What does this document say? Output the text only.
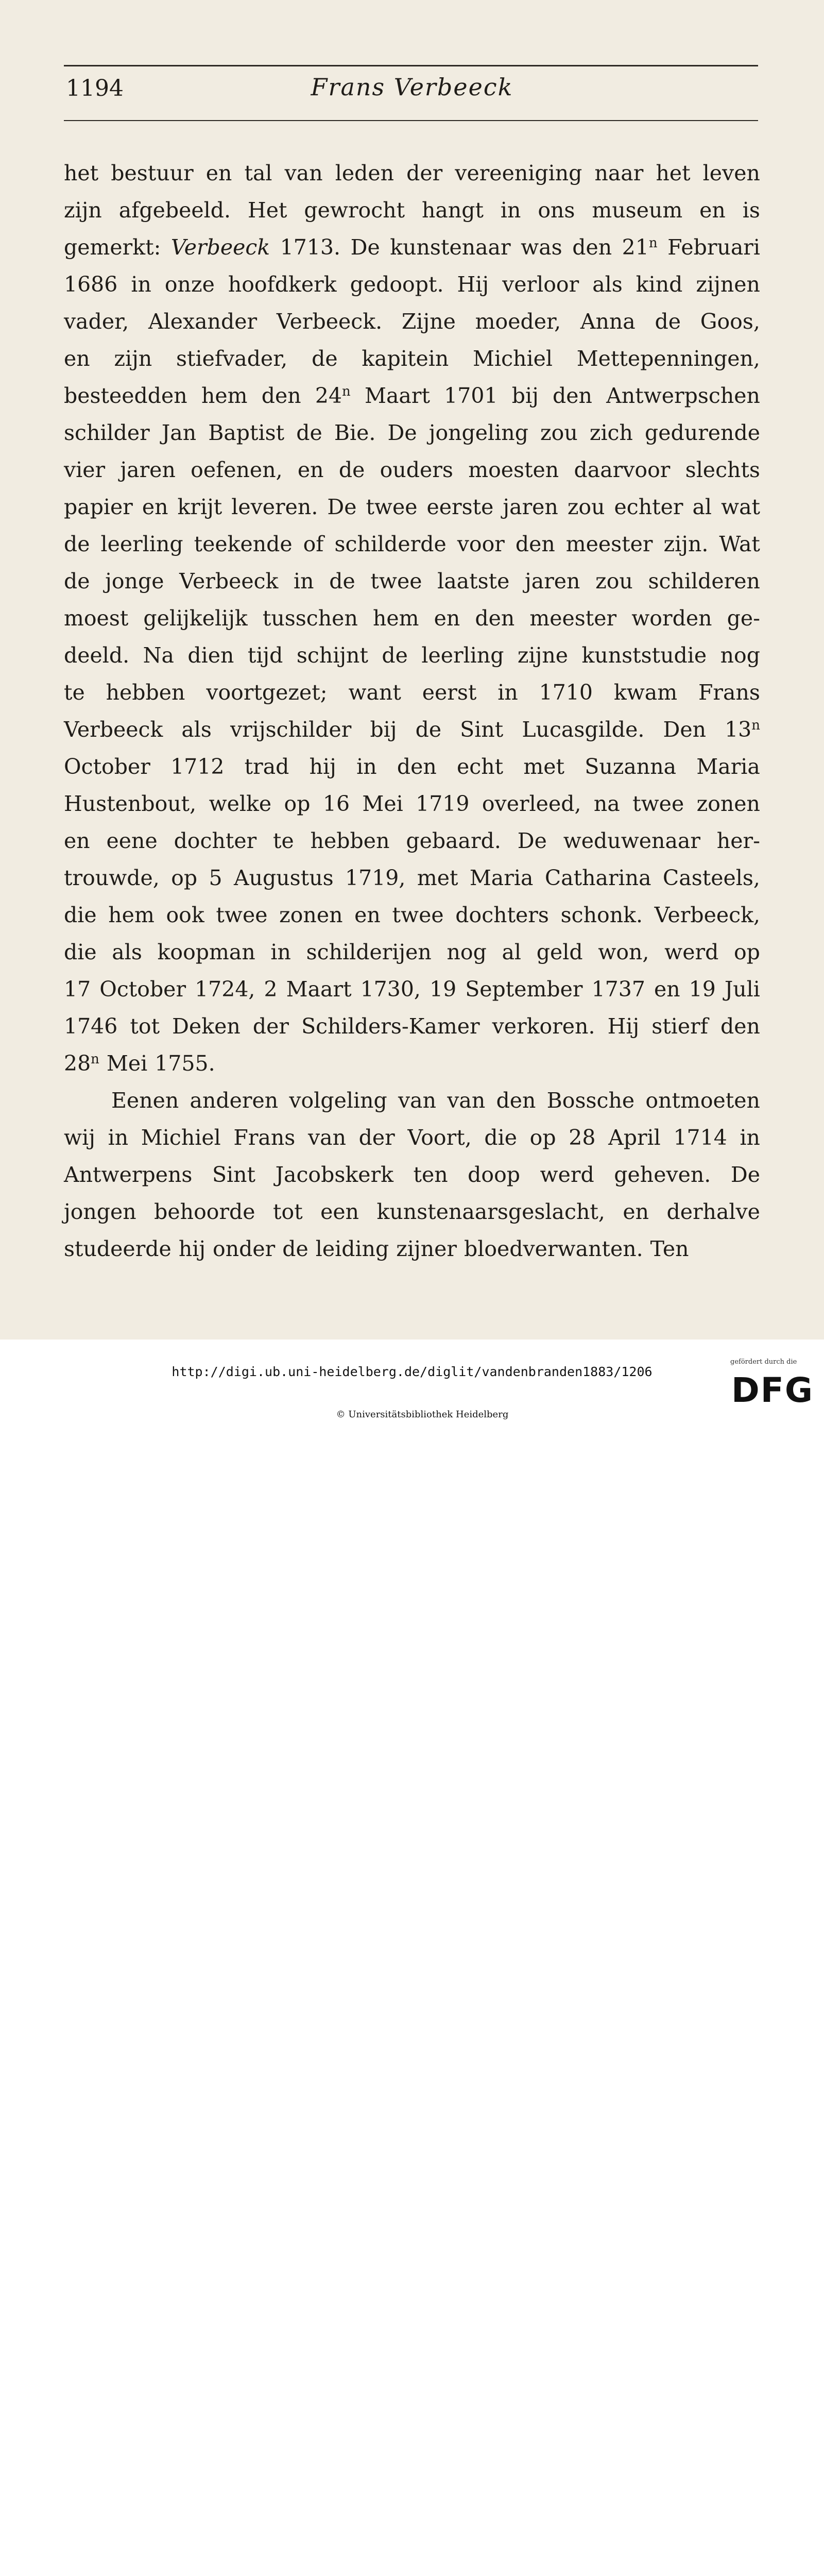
1194	Frans Verbeeck
het bestuur en tal van leden der vereeniging naar het leven
zijn afgebeeld. Het gewrocht hangt in ons museum en is
gemerkt: Verbeeck 1713. De kunstenaar was den 21$^n$ Februari
1686 in onze hoofdkerk gedoopt. Hij verloor als kind zijnen
vader, Alexander Verbeeck. Zijne moeder, Anna de Goos,
en zijn stiefvader, de kapitein Michiel Mettepenningen,
besteedden hem den 24$^n$ Maart 1701 bij den Antwerpschen
schilder Jan Baptist de Bie. De jongeling zou zich gedurende
vier jaren oefenen, en de ouders moesten daarvoor slechts
papier en krijt leveren. De twee eerste jaren zou echter al wat
de leerling teekende of schilderde voor den meester zijn. Wat
de jonge Verbeeck in de twee laatste jaren zou schilderen
moest gelijkelijk tusschen hem en den meester worden ge-
deeld. Na dien tijd schijnt de leerling zijne kunststudie nog
te hebben voortgezet; want eerst in 1710 kwam Frans
Verbeeck als vrijschilder bij de Sint Lucasgilde. Den 13$^n$
October 1712 trad hij in den echt met Suzanna Maria
Hustenbout, welke op 16 Mei 1719 overleed, na twee zonen
en eene dochter te hebben gebaard. De weduwenaar her-
trouwde, op 5 Augustus 1719, met Maria Catharina Casteels,
die hem ook twee zonen en twee dochters schonk. Verbeeck,
die als koopman in schilderijen nog al geld won, werd op
17 October 1724, 2 Maart 1730, 19 September 1737 en 19 Juli
1746 tot Deken der Schilders-Kamer verkoren. Hij stierf den
28$^n$ Mei 1755.
Eenen anderen volgeling van van den Bossche ontmoeten
wij in Michiel Frans van der Voort, die op 28 April 1714 in
Antwerpens Sint Jacobskerk ten doop werd geheven. De
jongen behoorde tot een kunstenaarsgeslacht, en derhalve
studeerde hij onder de leiding zijner bloedverwanten. Ten
http://digi.ub.uni-heidelberg.de/diglit/vandenbranden1883/1206
© Universitätsbibliothek Heidelberg
gefördert durch die
DFG
